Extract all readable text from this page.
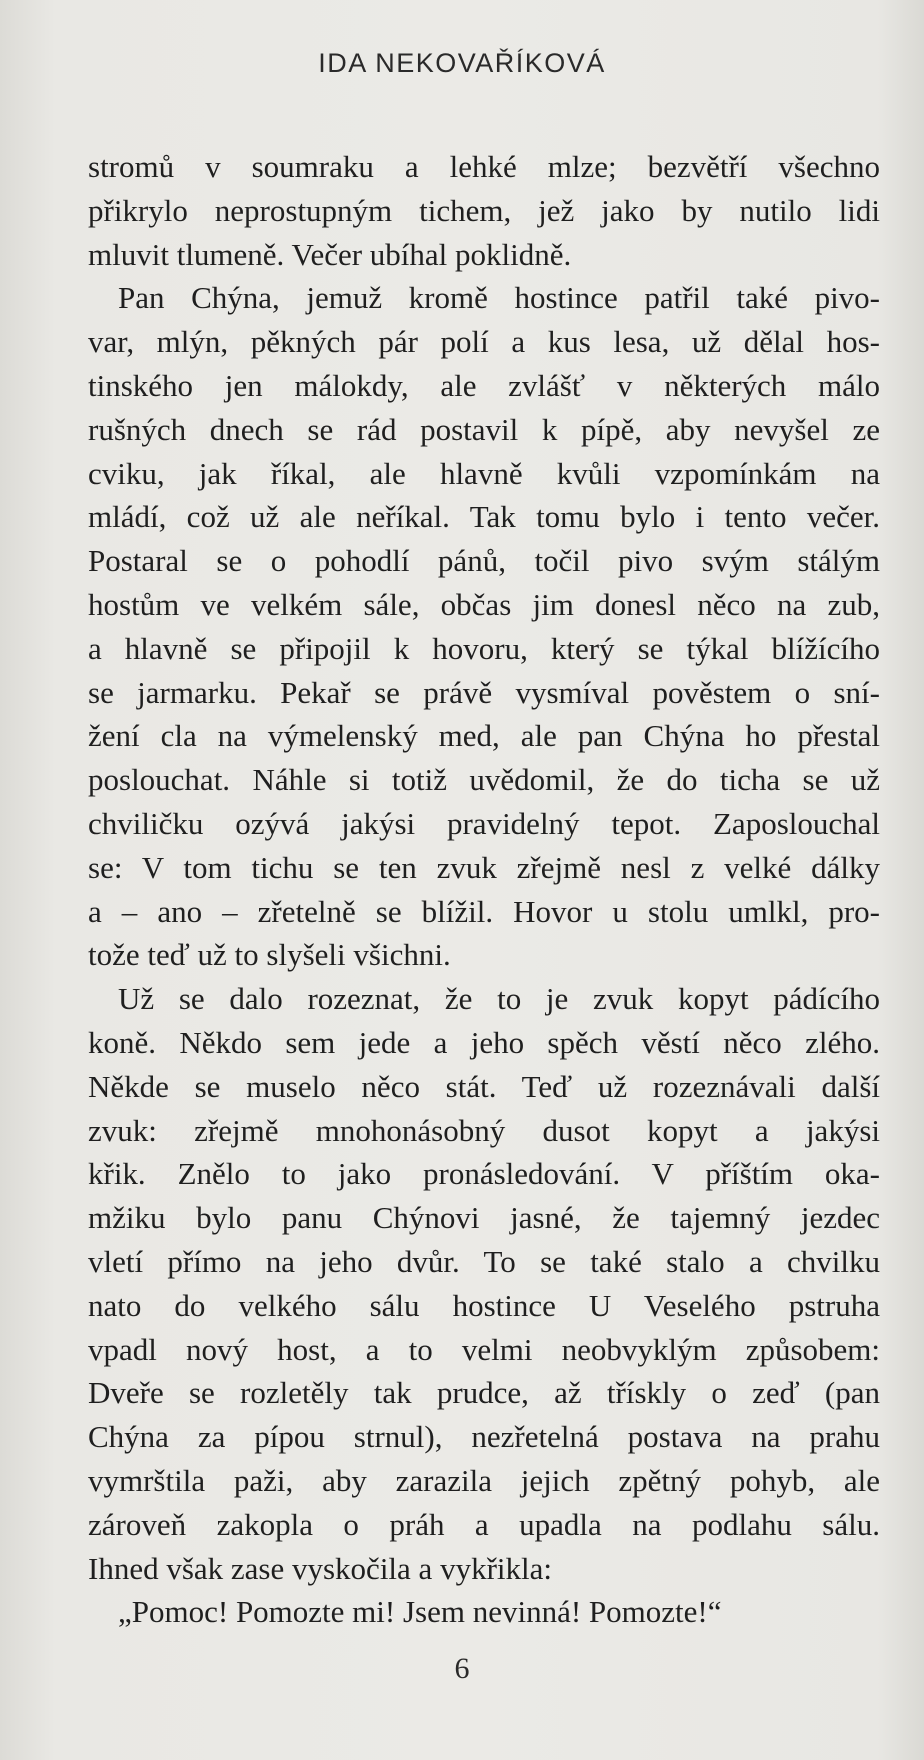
IDA NEKOVAŘÍKOVÁ
stromů v soumraku a lehké mlze; bezvětří všechno
přikrylo neprostupným tichem, jež jako by nutilo lidi
mluvit tlumeně. Večer ubíhal poklidně.
Pan Chýna, jemuž kromě hostince patřil také pivo-
var, mlýn, pěkných pár polí a kus lesa, už dělal hos-
tinského jen málokdy, ale zvlášť v některých málo
rušných dnech se rád postavil k pípě, aby nevyšel ze
cviku, jak říkal, ale hlavně kvůli vzpomínkám na
mládí, což už ale neříkal. Tak tomu bylo i tento večer.
Postaral se o pohodlí pánů, točil pivo svým stálým
hostům ve velkém sále, občas jim donesl něco na zub,
a hlavně se připojil k hovoru, který se týkal blížícího
se jarmarku. Pekař se právě vysmíval pověstem o sní-
žení cla na výmelenský med, ale pan Chýna ho přestal
poslouchat. Náhle si totiž uvědomil, že do ticha se už
chviličku ozývá jakýsi pravidelný tepot. Zaposlouchal
se: V tom tichu se ten zvuk zřejmě nesl z velké dálky
a – ano – zřetelně se blížil. Hovor u stolu umlkl, pro-
tože teď už to slyšeli všichni.
Už se dalo rozeznat, že to je zvuk kopyt pádícího
koně. Někdo sem jede a jeho spěch věstí něco zlého.
Někde se muselo něco stát. Teď už rozeznávali další
zvuk: zřejmě mnohonásobný dusot kopyt a jakýsi
křik. Znělo to jako pronásledování. V příštím oka-
mžiku bylo panu Chýnovi jasné, že tajemný jezdec
vletí přímo na jeho dvůr. To se také stalo a chvilku
nato do velkého sálu hostince U Veselého pstruha
vpadl nový host, a to velmi neobvyklým způsobem:
Dveře se rozletěly tak prudce, až třískly o zeď (pan
Chýna za pípou strnul), nezřetelná postava na prahu
vymrštila paži, aby zarazila jejich zpětný pohyb, ale
zároveň zakopla o práh a upadla na podlahu sálu.
Ihned však zase vyskočila a vykřikla:
„Pomoc! Pomozte mi! Jsem nevinná! Pomozte!“
6
